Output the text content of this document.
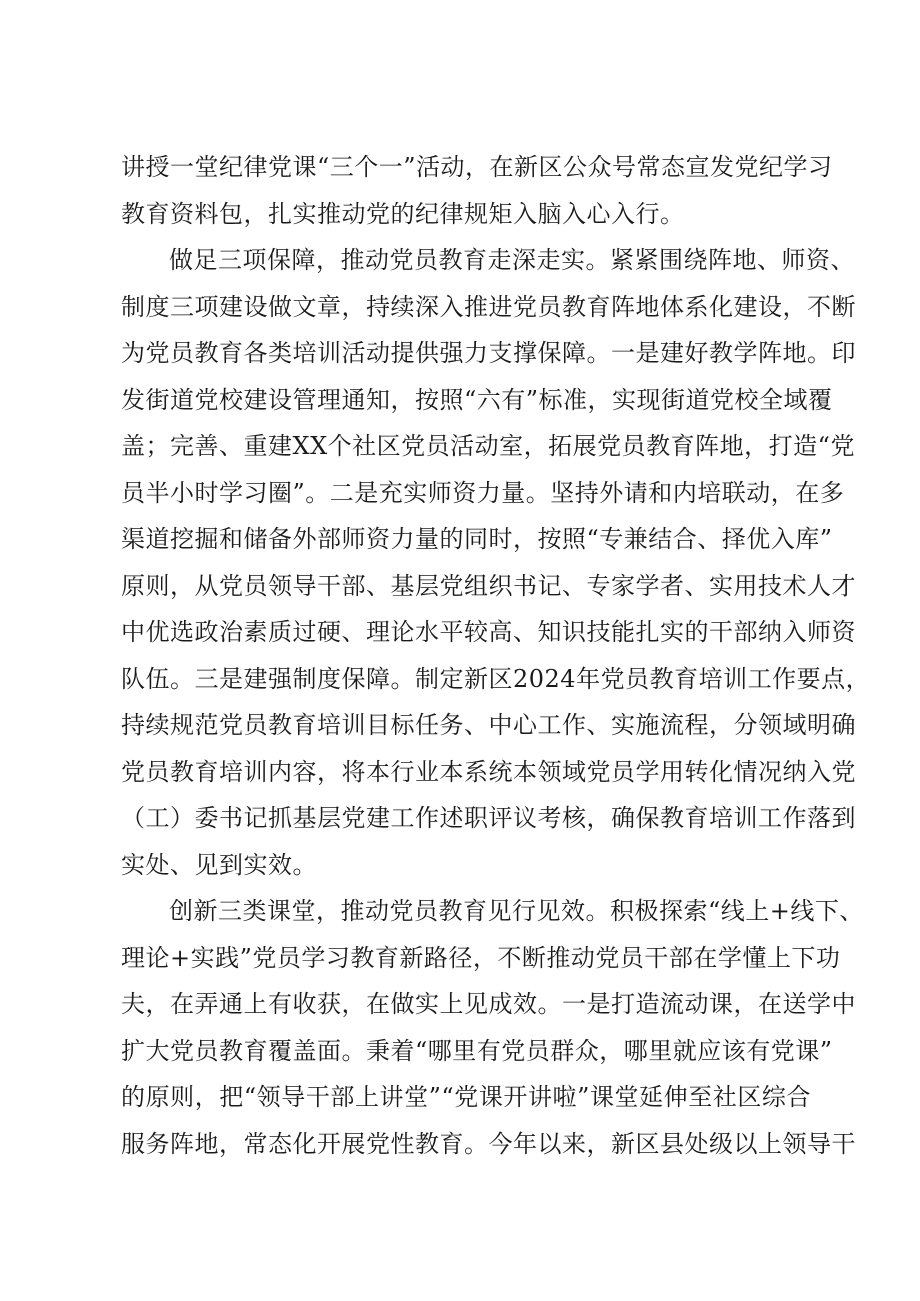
讲授一堂纪律党课“三个一”活动，在新区公众号常态宣发党纪学习
教育资料包，扎实推动党的纪律规矩入脑入心入行。
做足三项保障，推动党员教育走深走实。紧紧围绕阵地、师资、
制度三项建设做文章，持续深入推进党员教育阵地体系化建设，不断
为党员教育各类培训活动提供强力支撑保障。一是建好教学阵地。印
发街道党校建设管理通知，按照“六有”标准，实现街道党校全域覆
盖；完善、重建XX个社区党员活动室，拓展党员教育阵地，打造“党
员半小时学习圈”。二是充实师资力量。坚持外请和内培联动，在多
渠道挖掘和储备外部师资力量的同时，按照“专兼结合、择优入库”
原则，从党员领导干部、基层党组织书记、专家学者、实用技术人才
中优选政治素质过硬、理论水平较高、知识技能扎实的干部纳入师资
队伍。三是建强制度保障。制定新区2024年党员教育培训工作要点，
持续规范党员教育培训目标任务、中心工作、实施流程，分领域明确
党员教育培训内容，将本行业本系统本领域党员学用转化情况纳入党
（工）委书记抓基层党建工作述职评议考核，确保教育培训工作落到
实处、见到实效。
创新三类课堂，推动党员教育见行见效。积极探索“线上+线下、
理论+实践”党员学习教育新路径，不断推动党员干部在学懂上下功
夫，在弄通上有收获，在做实上见成效。一是打造流动课，在送学中
扩大党员教育覆盖面。秉着“哪里有党员群众，哪里就应该有党课”
的原则，把“领导干部上讲堂”“党课开讲啦”课堂延伸至社区综合
服务阵地，常态化开展党性教育。今年以来，新区县处级以上领导干
